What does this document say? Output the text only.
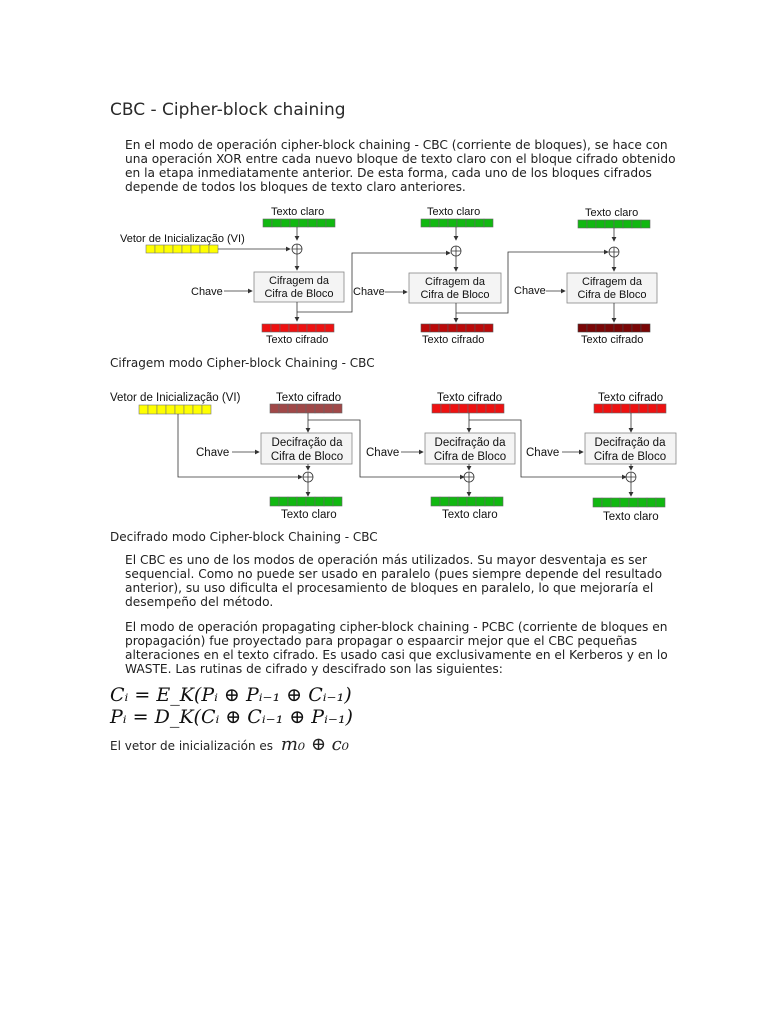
CBC - Cipher-block chaining
En el modo de operación cipher-block chaining - CBC (corriente de bloques), se hace con
una operación XOR entre cada nuevo bloque de texto claro con el bloque cifrado obtenido
en la etapa inmediatamente anterior. De esta forma, cada uno de los bloques cifrados
depende de todos los bloques de texto claro anteriores.
Vetor de Inicialização (VI)
Texto claro
Cifragem da
Cifra de Bloco
Chave
Texto cifrado
Texto claro
Cifragem da
Cifra de Bloco
Chave
Texto cifrado
Texto claro
Cifragem da
Cifra de Bloco
Chave
Texto cifrado
Cifragem modo Cipher-block Chaining - CBC
Vetor de Inicialização (VI)	Texto cifrado
Decifração da
Cifra de Bloco
Chave
Texto claro
Texto cifrado
Decifração da
Cifra de Bloco
Chave
Texto claro
Texto cifrado
Decifração da
Cifra de Bloco
Chave
Texto claro
Decifrado modo Cipher-block Chaining - CBC
El CBC es uno de los modos de operación más utilizados. Su mayor desventaja es ser
sequencial. Como no puede ser usado en paralelo (pues siempre depende del resultado
anterior), su uso dificulta el procesamiento de bloques en paralelo, lo que mejoraría el
desempeño del método.
El modo de operación propagating cipher-block chaining - PCBC (corriente de bloques en
propagación) fue proyectado para propagar o espaarcir mejor que el CBC pequeñas
alteraciones en el texto cifrado. Es usado casi que exclusivamente en el Kerberos y en lo
WASTE. Las rutinas de cifrado y descifrado son las siguientes:
Cᵢ = E_K(Pᵢ ⊕ Pᵢ₋₁ ⊕ Cᵢ₋₁)
Pᵢ = D_K(Cᵢ ⊕ Cᵢ₋₁ ⊕ Pᵢ₋₁)
El vetor de inicialización es m₀ ⊕ c₀
